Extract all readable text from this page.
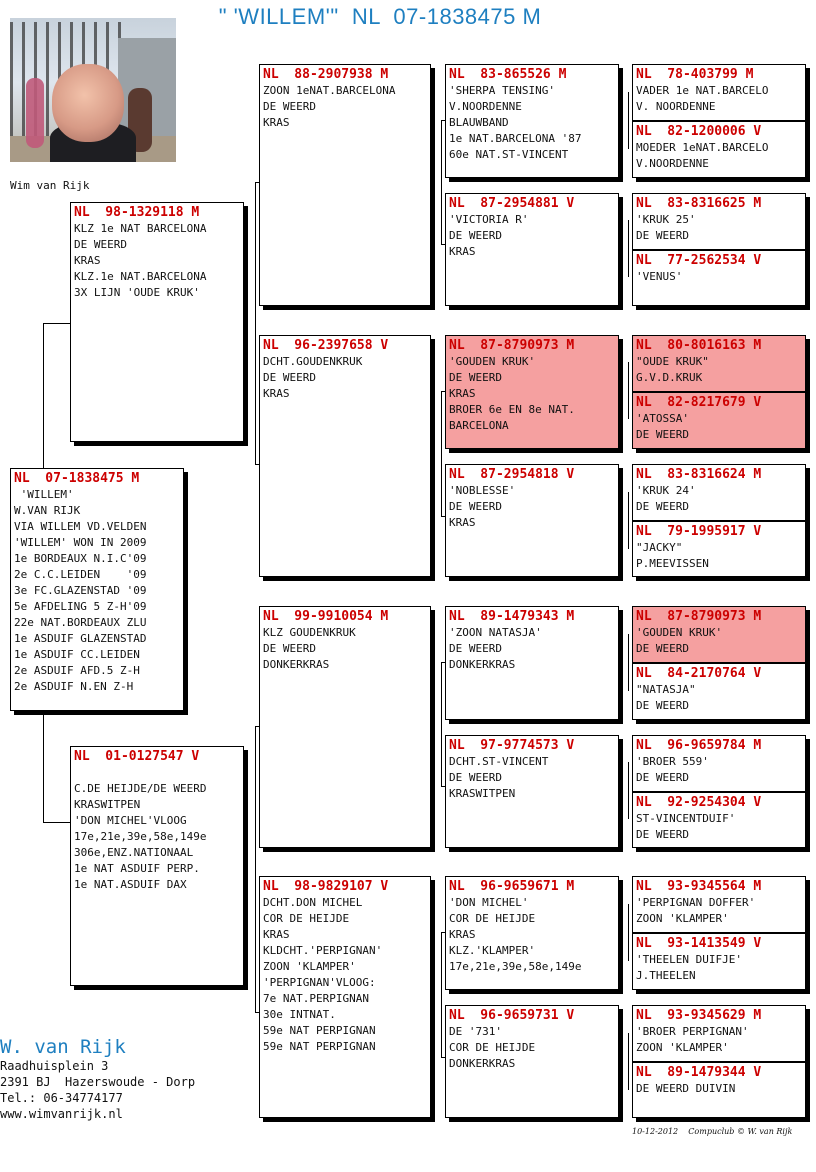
" 'WILLEM'"  NL  07-1838475 M
Wim van Rijk
NL  07-1838475 M
'WILLEM'
W.VAN RIJK
VIA WILLEM VD.VELDEN
'WILLEM' WON IN 2009
1e BORDEAUX N.I.C'09
2e C.C.LEIDEN    '09
3e FC.GLAZENSTAD '09
5e AFDELING 5 Z-H'09
22e NAT.BORDEAUX ZLU
1e ASDUIF GLAZENSTAD
1e ASDUIF CC.LEIDEN
2e ASDUIF AFD.5 Z-H
2e ASDUIF N.EN Z-H
NL  98-1329118 M
KLZ 1e NAT BARCELONA
DE WEERD
KRAS
KLZ.1e NAT.BARCELONA
3X LIJN 'OUDE KRUK'
NL  01-0127547 V

C.DE HEIJDE/DE WEERD
KRASWITPEN
'DON MICHEL'VLOOG
17e,21e,39e,58e,149e
306e,ENZ.NATIONAAL
1e NAT ASDUIF PERP.
1e NAT.ASDUIF DAX
NL  88-2907938 M
ZOON 1eNAT.BARCELONA
DE WEERD
KRAS
NL  96-2397658 V
DCHT.GOUDENKRUK
DE WEERD
KRAS
NL  99-9910054 M
KLZ GOUDENKRUK
DE WEERD
DONKERKRAS
NL  98-9829107 V
DCHT.DON MICHEL
COR DE HEIJDE
KRAS
KLDCHT.'PERPIGNAN'
ZOON 'KLAMPER'
'PERPIGNAN'VLOOG:
7e NAT.PERPIGNAN
30e INTNAT.
59e NAT PERPIGNAN
59e NAT PERPIGNAN
NL  83-865526 M
'SHERPA TENSING'
V.NOORDENNE
BLAUWBAND
1e NAT.BARCELONA '87
60e NAT.ST-VINCENT
NL  87-2954881 V
'VICTORIA R'
DE WEERD
KRAS
NL  87-8790973 M
'GOUDEN KRUK'
DE WEERD
KRAS
BROER 6e EN 8e NAT.
BARCELONA
NL  87-2954818 V
'NOBLESSE'
DE WEERD
KRAS
NL  89-1479343 M
'ZOON NATASJA'
DE WEERD
DONKERKRAS
NL  97-9774573 V
DCHT.ST-VINCENT
DE WEERD
KRASWITPEN
NL  96-9659671 M
'DON MICHEL'
COR DE HEIJDE
KRAS
KLZ.'KLAMPER'
17e,21e,39e,58e,149e
NL  96-9659731 V
DE '731'
COR DE HEIJDE
DONKERKRAS
NL  78-403799 M
VADER 1e NAT.BARCELO
V. NOORDENNE
NL  82-1200006 V
MOEDER 1eNAT.BARCELO
V.NOORDENNE
NL  83-8316625 M
'KRUK 25'
DE WEERD
NL  77-2562534 V
'VENUS'
NL  80-8016163 M
"OUDE KRUK"
G.V.D.KRUK
NL  82-8217679 V
'ATOSSA'
DE WEERD
NL  83-8316624 M
'KRUK 24'
DE WEERD
NL  79-1995917 V
"JACKY"
P.MEEVISSEN
NL  87-8790973 M
'GOUDEN KRUK'
DE WEERD
NL  84-2170764 V
"NATASJA"
DE WEERD
NL  96-9659784 M
'BROER 559'
DE WEERD
NL  92-9254304 V
ST-VINCENTDUIF'
DE WEERD
NL  93-9345564 M
'PERPIGNAN DOFFER'
ZOON 'KLAMPER'
NL  93-1413549 V
'THEELEN DUIFJE'
J.THEELEN
NL  93-9345629 M
'BROER PERPIGNAN'
ZOON 'KLAMPER'
NL  89-1479344 V
DE WEERD DUIVIN
W. van Rijk
Raadhuisplein 3
2391 BJ  Hazerswoude - Dorp
Tel.: 06-34774177
www.wimvanrijk.nl
10-12-2012    Compuclub © W. van Rijk
